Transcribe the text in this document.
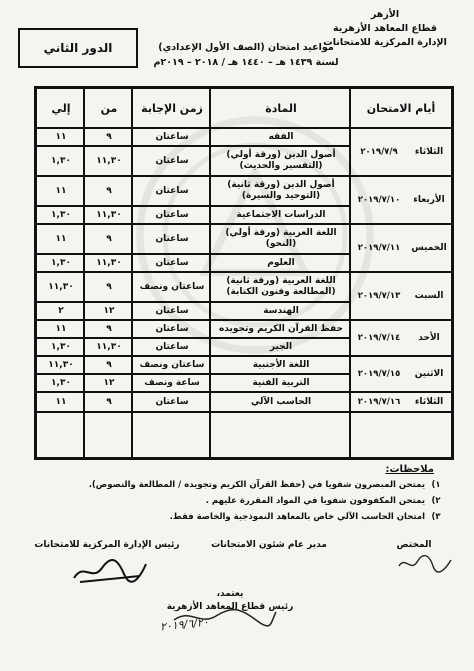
الأزهر
قطاع المعاهد الأزهرية
الإدارة المركزية للامتحانات
مواعيد امتحان (الصف الأول الإعدادي)
لسنة ١٤٣٩ هـ – ١٤٤٠ هـ / ٢٠١٨ – ٢٠١٩م
الدور الثاني
أيام الامتحان
المادة
زمن الإجابة
من
إلي
الثلاثاء
٢٠١٩/٧/٩
الفقه
ساعتان
٩
١١
أصول الدين (ورقة أولي) (التفسير والحديث)
ساعتان
١١,٣٠
١,٣٠
الأربعاء
٢٠١٩/٧/١٠
أصول الدين (ورقة ثانية) (التوحيد والسيرة)
ساعتان
٩
١١
الدراسات الاجتماعية
ساعتان
١١,٣٠
١,٣٠
الخميس
٢٠١٩/٧/١١
اللغة العربية (ورقة أولي) (النحو)
ساعتان
٩
١١
العلوم
ساعتان
١١,٣٠
١,٣٠
السبت
٢٠١٩/٧/١٣
اللغة العربية (ورقة ثانية) (المطالعة وفنون الكتابة)
ساعتان ونصف
٩
١١,٣٠
الهندسة
ساعتان
١٢
٢
الأحد
٢٠١٩/٧/١٤
حفظ القرآن الكريم وتجويده
ساعتان
٩
١١
الجبر
ساعتان
١١,٣٠
١,٣٠
الاثنين
٢٠١٩/٧/١٥
اللغة الأجنبية
ساعتان ونصف
٩
١١,٣٠
التربية الفنية
ساعة ونصف
١٢
١,٣٠
الثلاثاء
٢٠١٩/٧/١٦
الحاسب الآلي
ساعتان
٩
١١
ملاحظات:
١) يمتحن المبصرون شفويا في (حفظ القرآن الكريم وتجويده / المطالعة والنصوص).
٢) يمتحن المكفوفون شفويا في المواد المقررة عليهم .
٣) امتحان الحاسب الآلي خاص بالمعاهد النموذجية والخاصة فقط.
المختص
مدير عام شئون الامتحانات
رئيس الإدارة المركزية للامتحانات
يعتمد،
رئيس قطاع المعاهد الأزهرية
٢٠١٩/٦/٢٠
